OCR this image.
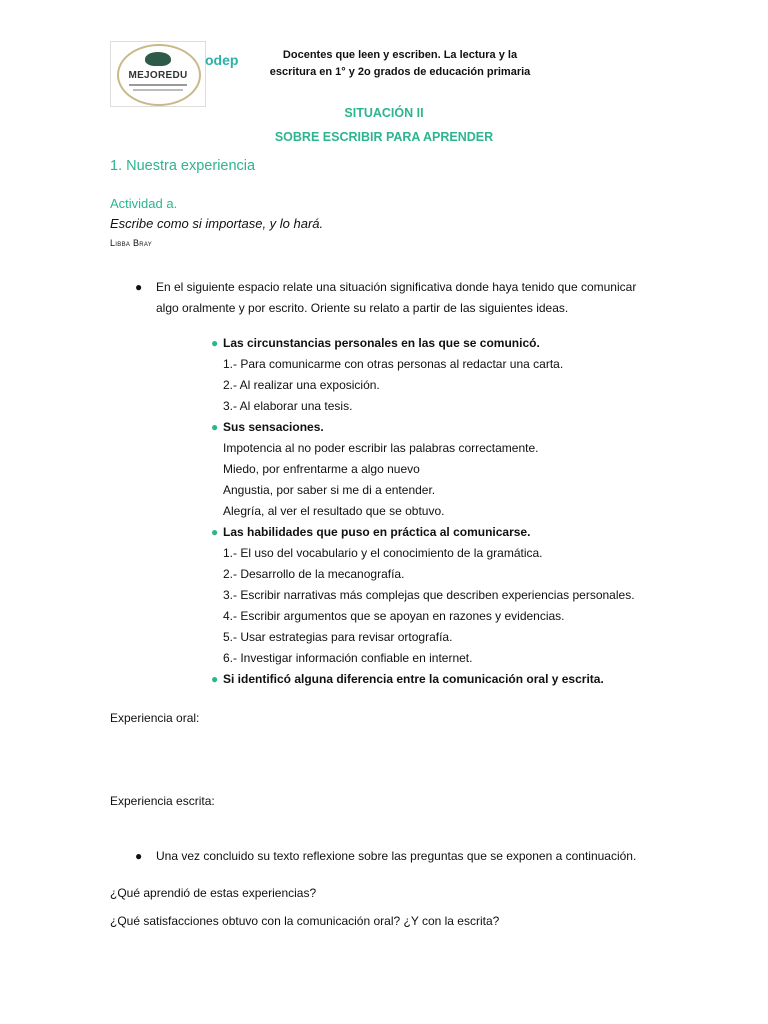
MEJOREDU
odep	Docentes que leen y escriben. La lectura y la
escritura en 1° y 2o grados de educación primaria
SITUACIÓN II
SOBRE ESCRIBIR PARA APRENDER
1. Nuestra experiencia
Actividad a.
Escribe como si importase, y lo hará.
Libba Bray
● En el siguiente espacio relate una situación significativa donde haya tenido que comunicar
algo oralmente y por escrito. Oriente su relato a partir de las siguientes ideas.
● Las circunstancias personales en las que se comunicó.
1.- Para comunicarme con otras personas al redactar una carta.
2.- Al realizar una exposición.
3.- Al elaborar una tesis.
● Sus sensaciones.
Impotencia al no poder escribir las palabras correctamente.
Miedo, por enfrentarme a algo nuevo
Angustia, por saber si me di a entender.
Alegría, al ver el resultado que se obtuvo.
● Las habilidades que puso en práctica al comunicarse.
1.- El uso del vocabulario y el conocimiento de la gramática.
2.- Desarrollo de la mecanografía.
3.- Escribir narrativas más complejas que describen experiencias personales.
4.- Escribir argumentos que se apoyan en razones y evidencias.
5.- Usar estrategias para revisar ortografía.
6.- Investigar información confiable en internet.
● Si identificó alguna diferencia entre la comunicación oral y escrita.
Experiencia oral:
Experiencia escrita:
● Una vez concluido su texto reflexione sobre las preguntas que se exponen a continuación.
¿Qué aprendió de estas experiencias?
¿Qué satisfacciones obtuvo con la comunicación oral? ¿Y con la escrita?
